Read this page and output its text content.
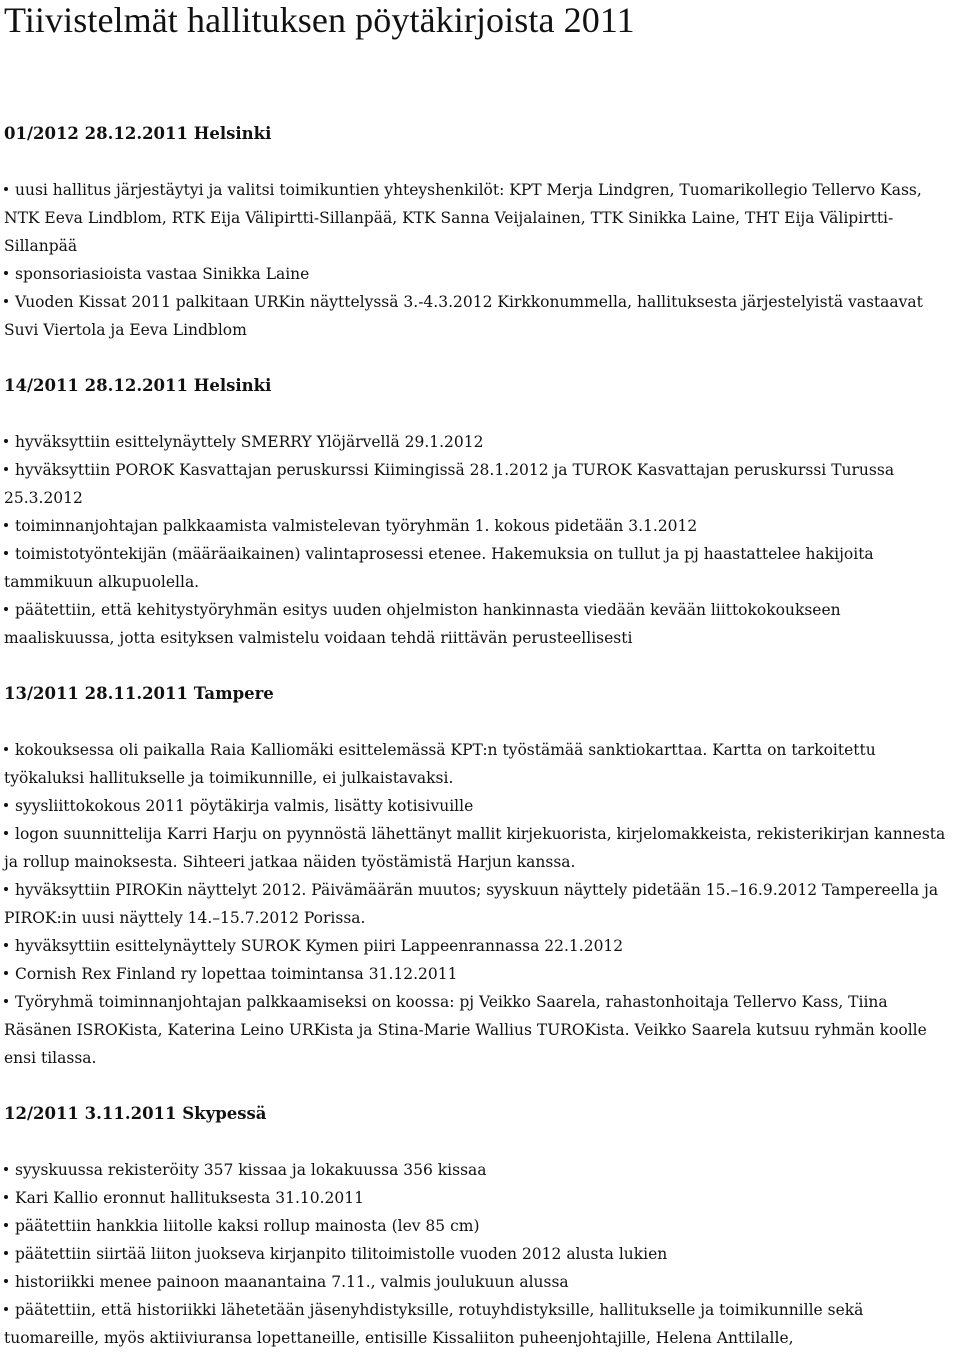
Tiivistelmät hallituksen pöytäkirjoista 2011
01/2012 28.12.2011 Helsinki
uusi hallitus järjestäytyi ja valitsi toimikuntien yhteyshenkilöt: KPT Merja Lindgren, Tuomarikollegio Tellervo Kass, NTK Eeva Lindblom, RTK Eija Välipirtti-Sillanpää, KTK Sanna Veijalainen, TTK Sinikka Laine, THT Eija Välipirtti-Sillanpää
sponsoriasioista vastaa Sinikka Laine
Vuoden Kissat 2011 palkitaan URKin näyttelyssä 3.-4.3.2012 Kirkkonummella, hallituksesta järjestelyistä vastaavat Suvi Viertola ja Eeva Lindblom
14/2011 28.12.2011 Helsinki
hyväksyttiin esittelynäyttely SMERRY Ylöjärvellä 29.1.2012
hyväksyttiin POROK Kasvattajan peruskurssi Kiimingissä 28.1.2012 ja TUROK Kasvattajan peruskurssi Turussa 25.3.2012
toiminnanjohtajan palkkaamista valmistelevan työryhmän 1. kokous pidetään 3.1.2012
toimistotyöntekijän (määräaikainen) valintaprosessi etenee. Hakemuksia on tullut ja pj haastattelee hakijoita tammikuun alkupuolella.
päätettiin, että kehitystyöryhmän esitys uuden ohjelmiston hankinnasta viedään kevään liittokokoukseen maaliskuussa, jotta esityksen valmistelu voidaan tehdä riittävän perusteellisesti
13/2011 28.11.2011 Tampere
kokouksessa oli paikalla Raia Kalliomäki esittelemässä KPT:n työstämää sanktiokarttaa. Kartta on tarkoitettu työkaluksi hallitukselle ja toimikunnille, ei julkaistavaksi.
syysliittokokous 2011 pöytäkirja valmis, lisätty kotisivuille
logon suunnittelija Karri Harju on pyynnöstä lähettänyt mallit kirjekuorista, kirjelomakkeista, rekisterikirjan kannesta ja rollup mainoksesta. Sihteeri jatkaa näiden työstämistä Harjun kanssa.
hyväksyttiin PIROKin näyttelyt 2012. Päivämäärän muutos; syyskuun näyttely pidetään 15.–16.9.2012 Tampereella ja PIROK:in uusi näyttely 14.–15.7.2012 Porissa.
hyväksyttiin esittelynäyttely SUROK Kymen piiri Lappeenrannassa 22.1.2012
Cornish Rex Finland ry lopettaa toimintansa 31.12.2011
Työryhmä toiminnanjohtajan palkkaamiseksi on koossa: pj Veikko Saarela, rahastonhoitaja Tellervo Kass, Tiina Räsänen ISROKista, Katerina Leino URKista ja Stina-Marie Wallius TUROKista. Veikko Saarela kutsuu ryhmän koolle ensi tilassa.
12/2011 3.11.2011 Skypessä
syyskuussa rekisteröity 357 kissaa ja lokakuussa 356 kissaa
Kari Kallio eronnut hallituksesta 31.10.2011
päätettiin hankkia liitolle kaksi rollup mainosta (lev 85 cm)
päätettiin siirtää liiton juokseva kirjanpito tilitoimistolle vuoden 2012 alusta lukien
historiikki menee painoon maanantaina 7.11., valmis joulukuun alussa
päätettiin, että historiikki lähetetään jäsenyhdistyksille, rotuyhdistyksille, hallitukselle ja toimikunnille sekä tuomareille, myös aktiiviuransa lopettaneille, entisille Kissaliiton puheenjohtajille, Helena Anttilalle,
